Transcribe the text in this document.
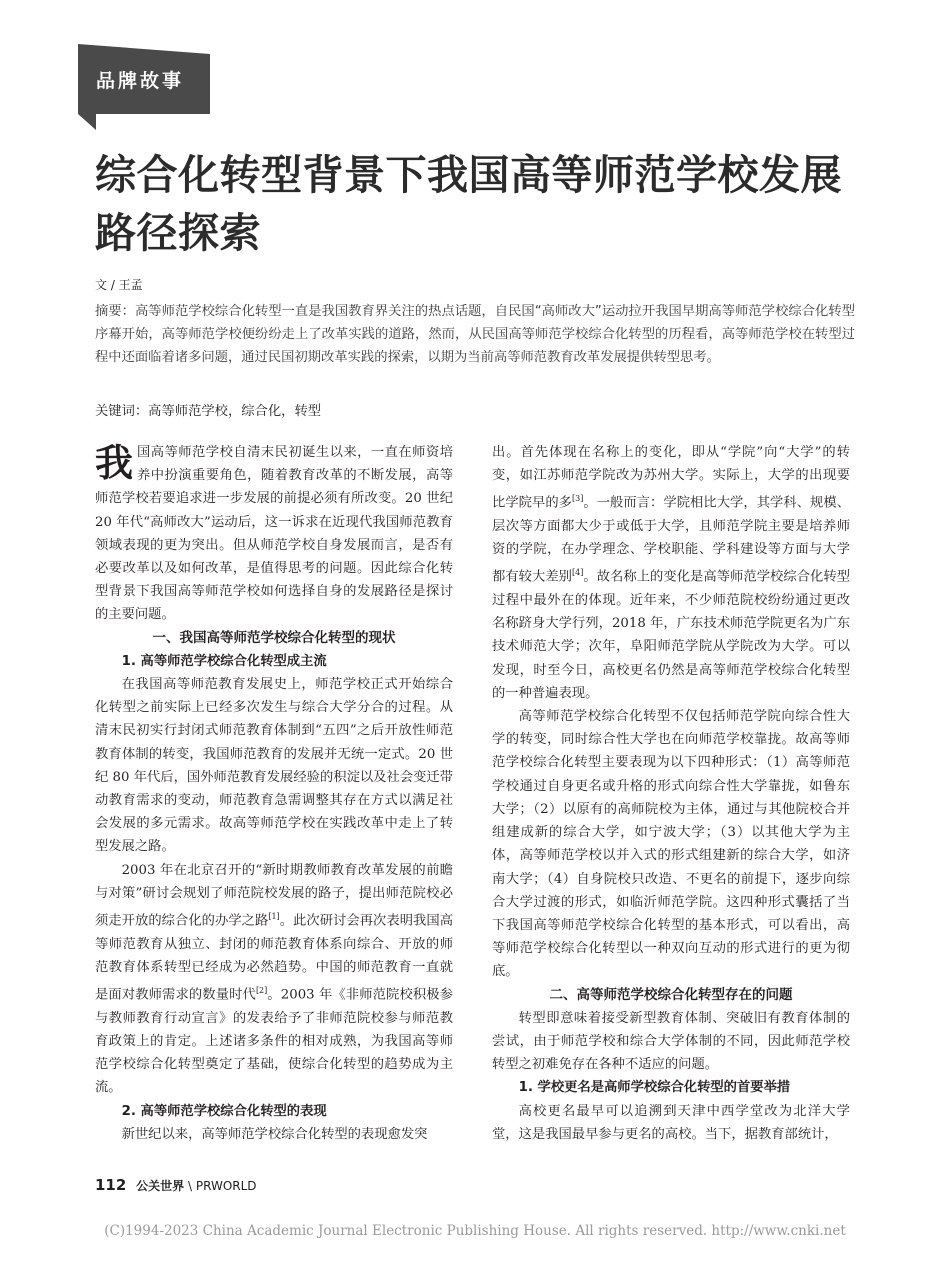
品牌故事
综合化转型背景下我国高等师范学校发展路径探索
文 / 王孟
摘要：高等师范学校综合化转型一直是我国教育界关注的热点话题，自民国“高师改大”运动拉开我国早期高等师范学校综合化转型序幕开始，高等师范学校便纷纷走上了改革实践的道路，然而，从民国高等师范学校综合化转型的历程看，高等师范学校在转型过程中还面临着诸多问题，通过民国初期改革实践的探索，以期为当前高等师范教育改革发展提供转型思考。
关键词：高等师范学校，综合化，转型

我国高等师范学校自清末民初诞生以来，一直在师资培养中扮演重要角色，随着教育改革的不断发展，高等师范学校若要追求进一步发展的前提必须有所改变。20 世纪 20 年代“高师改大”运动后，这一诉求在近现代我国师范教育领域表现的更为突出。但从师范学校自身发展而言，是否有必要改革以及如何改革，是值得思考的问题。因此综合化转型背景下我国高等师范学校如何选择自身的发展路径是探讨的主要问题。

一、我国高等师范学校综合化转型的现状
1. 高等师范学校综合化转型成主流

在我国高等师范教育发展史上，师范学校正式开始综合化转型之前实际上已经多次发生与综合大学分合的过程。从清末民初实行封闭式师范教育体制到“五四”之后开放性师范教育体制的转变，我国师范教育的发展并无统一定式。20 世纪 80 年代后，国外师范教育发展经验的积淀以及社会变迁带动教育需求的变动，师范教育急需调整其存在方式以满足社会发展的多元需求。故高等师范学校在实践改革中走上了转型发展之路。

2003 年在北京召开的“新时期教师教育改革发展的前瞻与对策”研讨会规划了师范院校发展的路子，提出师范院校必须走开放的综合化的办学之路[1]。此次研讨会再次表明我国高等师范教育从独立、封闭的师范教育体系向综合、开放的师范教育体系转型已经成为必然趋势。中国的师范教育一直就是面对教师需求的数量时代[2]。2003 年《非师范院校积极参与教师教育行动宣言》的发表给予了非师范院校参与师范教育政策上的肯定。上述诸多条件的相对成熟，为我国高等师范学校综合化转型奠定了基础，使综合化转型的趋势成为主流。

2. 高等师范学校综合化转型的表现

新世纪以来，高等师范学校综合化转型的表现愈发突

出。首先体现在名称上的变化，即从“学院”向“大学”的转变，如江苏师范学院改为苏州大学。实际上，大学的出现要比学院早的多[3]。一般而言：学院相比大学，其学科、规模、层次等方面都大少于或低于大学，且师范学院主要是培养师资的学院，在办学理念、学校职能、学科建设等方面与大学都有较大差别[4]。故名称上的变化是高等师范学校综合化转型过程中最外在的体现。近年来，不少师范院校纷纷通过更改名称跻身大学行列，2018 年，广东技术师范学院更名为广东技术师范大学；次年，阜阳师范学院从学院改为大学。可以发现，时至今日，高校更名仍然是高等师范学校综合化转型的一种普遍表现。

高等师范学校综合化转型不仅包括师范学院向综合性大学的转变，同时综合性大学也在向师范学校靠拢。故高等师范学校综合化转型主要表现为以下四种形式：（1）高等师范学校通过自身更名或升格的形式向综合性大学靠拢，如鲁东大学；（2）以原有的高师院校为主体，通过与其他院校合并组建成新的综合大学，如宁波大学；（3）以其他大学为主体，高等师范学校以并入式的形式组建新的综合大学，如济南大学；（4）自身院校只改造、不更名的前提下，逐步向综合大学过渡的形式，如临沂师范学院。这四种形式囊括了当下我国高等师范学校综合化转型的基本形式，可以看出，高等师范学校综合化转型以一种双向互动的形式进行的更为彻底。

二、高等师范学校综合化转型存在的问题

转型即意味着接受新型教育体制、突破旧有教育体制的尝试，由于师范学校和综合大学体制的不同，因此师范学校转型之初难免存在各种不适应的问题。

1. 学校更名是高师学校综合化转型的首要举措

高校更名最早可以追溯到天津中西学堂改为北洋大学堂，这是我国最早参与更名的高校。当下，据教育部统计，

112 公关世界 \ PRWORLD
(C)1994-2023 China Academic Journal Electronic Publishing House. All rights reserved. http://www.cnki.net
